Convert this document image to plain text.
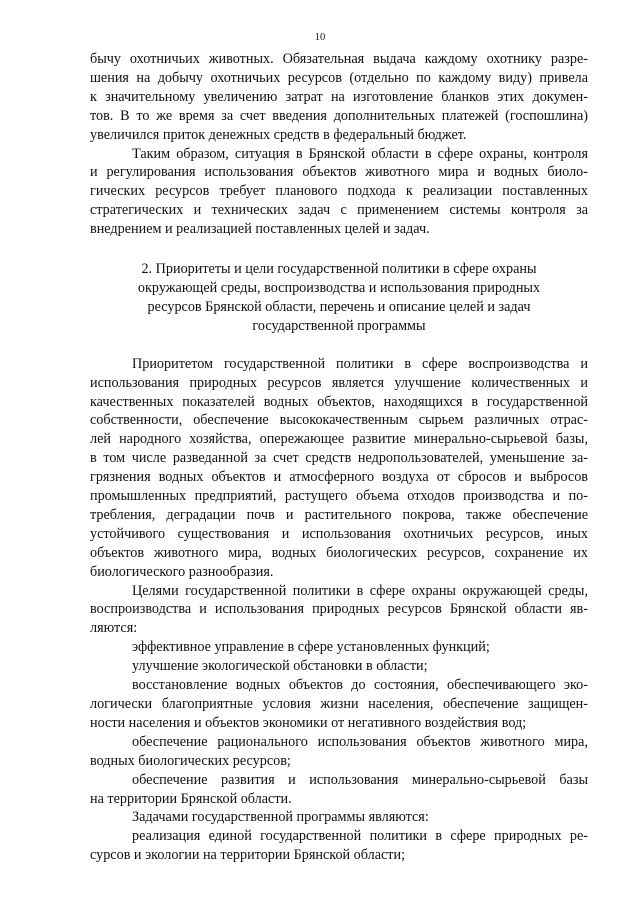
10
бычу охотничьих животных. Обязательная выдача каждому охотнику разре-
шения на добычу охотничьих ресурсов (отдельно по каждому виду) привела
к значительному увеличению затрат на изготовление бланков этих докумен-
тов. В то же время за счет введения дополнительных платежей (госпошлина)
увеличился приток денежных средств в федеральный бюджет.
Таким образом, ситуация в Брянской области в сфере охраны, контроля
и регулирования использования объектов животного мира и водных биоло-
гических ресурсов требует планового подхода к реализации поставленных
стратегических и технических задач с применением системы контроля за
внедрением и реализацией поставленных целей и задач.
2. Приоритеты и цели государственной политики в сфере охраны
окружающей среды, воспроизводства и использования природных
ресурсов Брянской области, перечень и описание целей и задач
государственной программы
Приоритетом государственной политики в сфере воспроизводства и
использования природных ресурсов является улучшение количественных и
качественных показателей водных объектов, находящихся в государственной
собственности, обеспечение высококачественным сырьем различных отрас-
лей народного хозяйства, опережающее развитие минерально-сырьевой базы,
в том числе разведанной за счет средств недропользователей, уменьшение за-
грязнения водных объектов и атмосферного воздуха от сбросов и выбросов
промышленных предприятий, растущего объема отходов производства и по-
требления, деградации почв и растительного покрова, также обеспечение
устойчивого существования и использования охотничьих ресурсов, иных
объектов животного мира, водных биологических ресурсов, сохранение их
биологического разнообразия.
Целями государственной политики в сфере охраны окружающей среды,
воспроизводства и использования природных ресурсов Брянской области яв-
ляются:
эффективное управление в сфере установленных функций;
улучшение экологической обстановки в области;
восстановление водных объектов до состояния, обеспечивающего эко-
логически благоприятные условия жизни населения, обеспечение защищен-
ности населения и объектов экономики от негативного воздействия вод;
обеспечение рационального использования объектов животного мира,
водных биологических ресурсов;
обеспечение развития и использования минерально-сырьевой базы
на территории Брянской области.
Задачами государственной программы являются:
реализация единой государственной политики в сфере природных ре-
сурсов и экологии на территории Брянской области;
